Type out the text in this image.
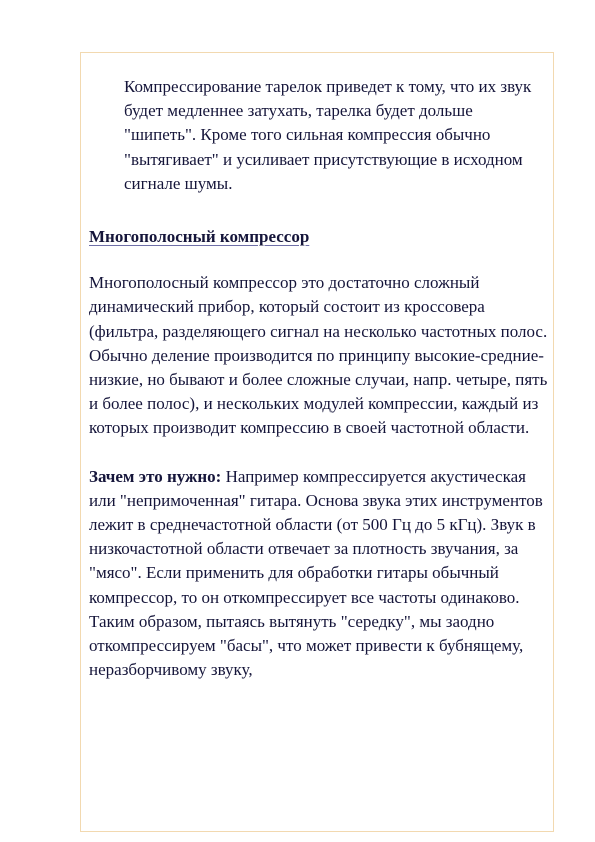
Компрессирование тарелок приведет к тому, что их звук будет медленнее затухать, тарелка будет дольше "шипеть". Кроме того сильная компрессия обычно "вытягивает" и усиливает присутствующие в исходном сигнале шумы.

Многополосный компрессор

Многополосный компрессор это достаточно сложный динамический прибор, который состоит из кроссовера (фильтра, разделяющего сигнал на несколько частотных полос. Обычно деление производится по принципу высокие-средние-низкие, но бывают и более сложные случаи, напр. четыре, пять и более полос), и нескольких модулей компрессии, каждый из которых производит компрессию в своей частотной области.

Зачем это нужно: Например компрессируется акустическая или "непримоченная" гитара. Основа звука этих инструментов лежит в среднечастотной области (от 500 Гц до 5 кГц). Звук в низкочастотной области отвечает за плотность звучания, за "мясо". Если применить для обработки гитары обычный компрессор, то он откомпрессирует все частоты одинаково. Таким образом, пытаясь вытянуть "середку", мы заодно откомпрессируем "басы", что может привести к бубнящему, неразборчивому звуку,
